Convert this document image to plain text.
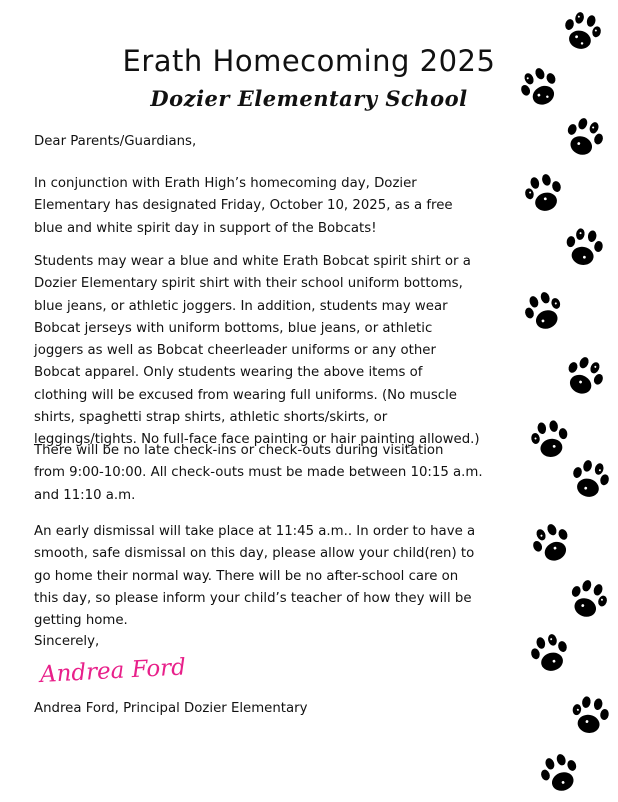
Erath Homecoming 2025
Dozier Elementary School
Dear Parents/Guardians,
In conjunction with Erath High’s homecoming day, Dozier
Elementary has designated Friday, October 10, 2025, as a free
blue and white spirit day in support of the Bobcats!
Students may wear a blue and white Erath Bobcat spirit shirt or a
Dozier Elementary spirit shirt with their school uniform bottoms,
blue jeans, or athletic joggers. In addition, students may wear
Bobcat jerseys with uniform bottoms, blue jeans, or athletic
joggers as well as Bobcat cheerleader uniforms or any other
Bobcat apparel. Only students wearing the above items of
clothing will be excused from wearing full uniforms. (No muscle
shirts, spaghetti strap shirts, athletic shorts/skirts, or
leggings/tights. No full-face face painting or hair painting allowed.)
There will be no late check-ins or check-outs during visitation
from 9:00-10:00. All check-outs must be made between 10:15 a.m.
and 11:10 a.m.
An early dismissal will take place at 11:45 a.m.. In order to have a
smooth, safe dismissal on this day, please allow your child(ren) to
go home their normal way. There will be no after-school care on
this day, so please inform your child’s teacher of how they will be
getting home.
Sincerely,
Andrea Ford
Andrea Ford, Principal Dozier Elementary
